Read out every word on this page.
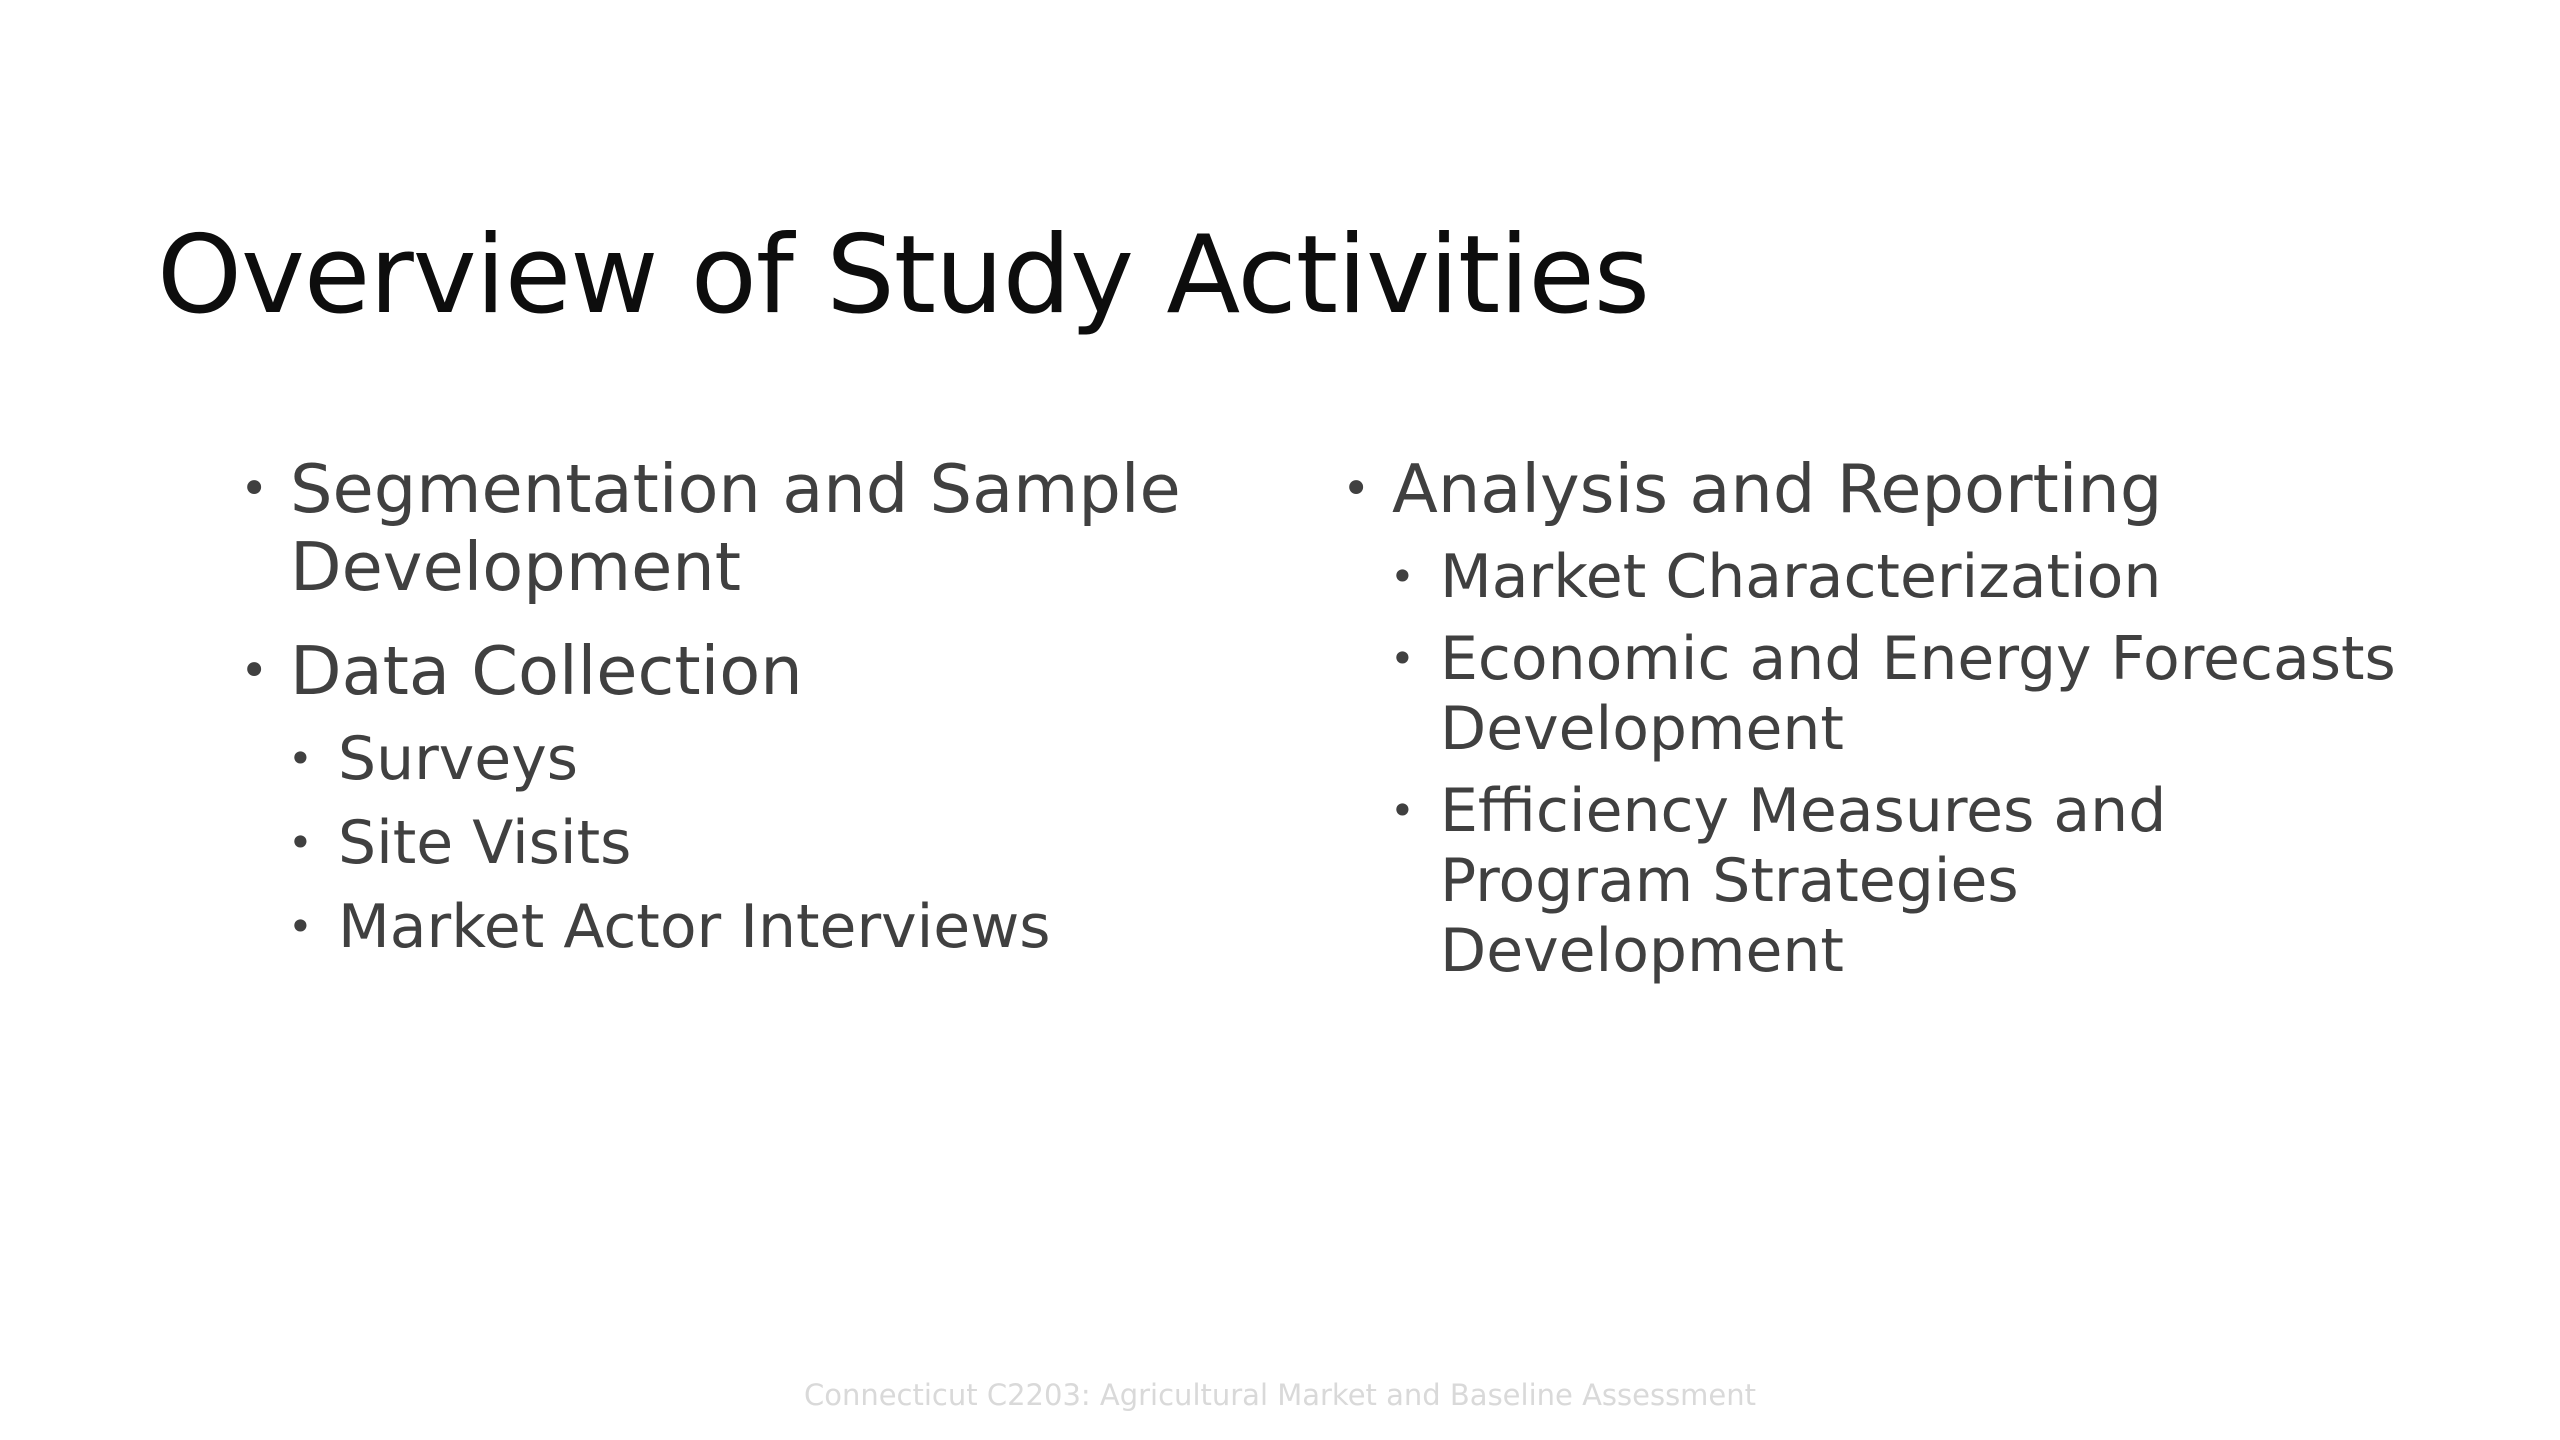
Overview of Study Activities
• Segmentation and Sample
Development
• Data Collection
• Surveys
• Site Visits
• Market Actor Interviews
• Analysis and Reporting
• Market Characterization
• Economic and Energy Forecasts
Development
• Efficiency Measures and
Program Strategies
Development
Connecticut C2203: Agricultural Market and Baseline Assessment
